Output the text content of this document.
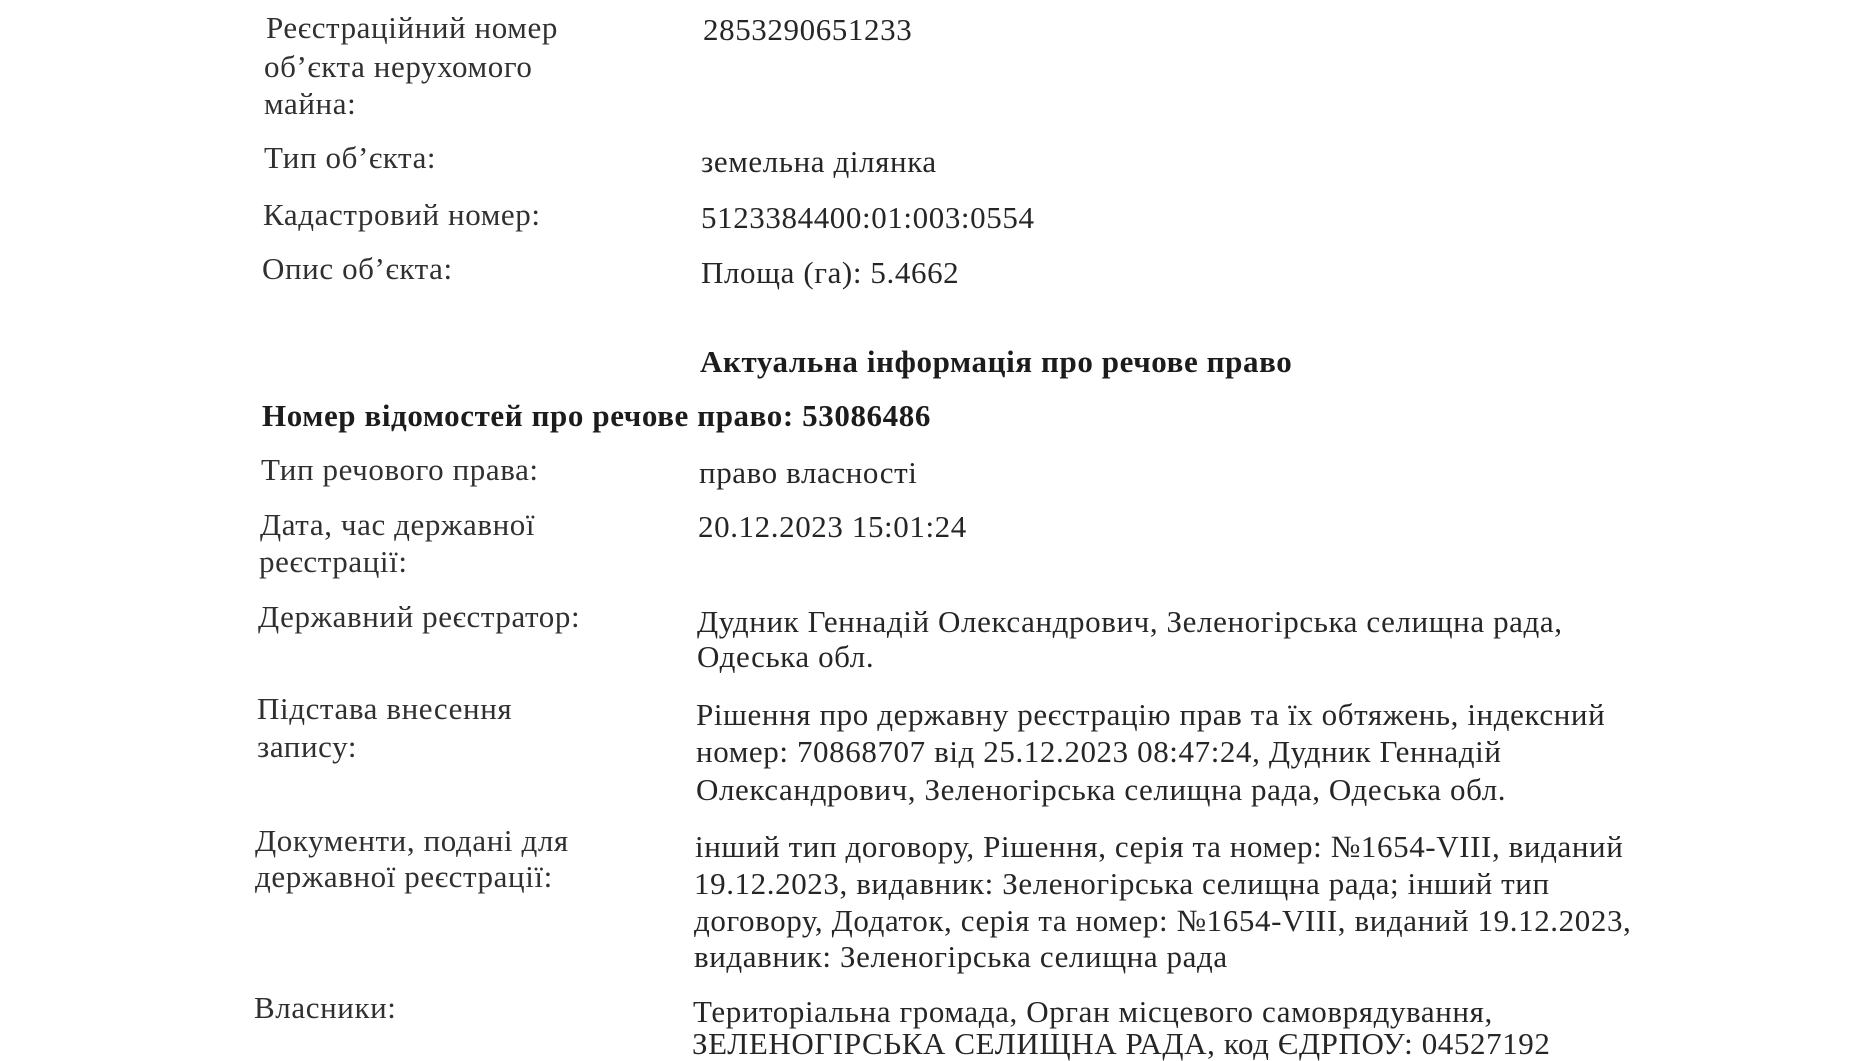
Реєстраційний номер
об’єкта нерухомого
майна:
2853290651233
Тип об’єкта:	земельна ділянка
Кадастровий номер:	5123384400:01:003:0554
Опис об’єкта:	Площа (га): 5.4662
Актуальна інформація про речове право
Номер відомостей про речове право: 53086486
Тип речового права:	право власності
Дата, час державної
реєстрації:
20.12.2023 15:01:24
Державний реєстратор:	Дудник Геннадій Олександрович, Зеленогірська селищна рада,
Одеська обл.
Підстава внесення
запису:
Рішення про державну реєстрацію прав та їх обтяжень, індексний
номер: 70868707 від 25.12.2023 08:47:24, Дудник Геннадій
Олександрович, Зеленогірська селищна рада, Одеська обл.
Документи, подані для
державної реєстрації:
інший тип договору, Рішення, серія та номер: №1654-VIII, виданий
19.12.2023, видавник: Зеленогірська селищна рада; інший тип
договору, Додаток, серія та номер: №1654-VIII, виданий 19.12.2023,
видавник: Зеленогірська селищна рада
Власники:	Територіальна громада, Орган місцевого самоврядування,
ЗЕЛЕНОГІРСЬКА СЕЛИЩНА РАДА, код ЄДРПОУ: 04527192
